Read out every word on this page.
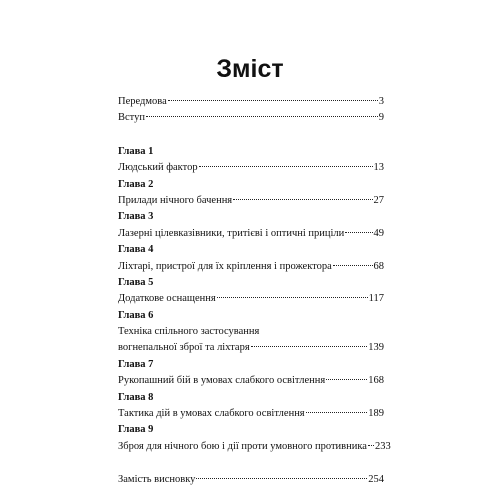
Зміст
Передмова	3
Вступ	9
Глава 1
Людський фактор	13
Глава 2
Прилади нічного бачення	27
Глава 3
Лазерні цілевказівники, тритієві і оптичні приціли	49
Глава 4
Ліхтарі, пристрої для їх кріплення і прожектора	68
Глава 5
Додаткове оснащення	117
Глава 6
Техніка спільного застосування
вогнепальної зброї та ліхтаря	139
Глава 7
Рукопашний бій в умовах слабкого освітлення	168
Глава 8
Тактика дій в умовах слабкого освітлення	189
Глава 9
Зброя для нічного бою і дії проти умовного противника 233
Замість висновку	254
